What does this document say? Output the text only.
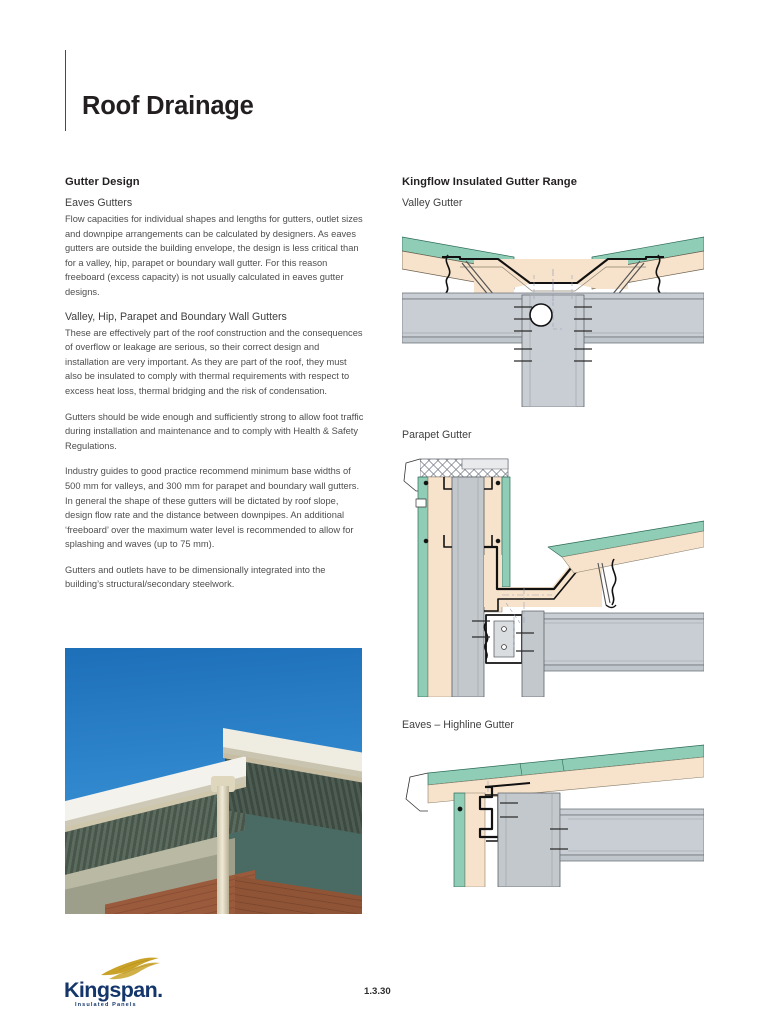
Roof Drainage
Gutter Design
Eaves Gutters

Flow capacities for individual shapes and lengths for gutters, outlet sizes and downpipe arrangements can be calculated by designers. As eaves gutters are outside the building envelope, the design is less critical than for a valley, hip, parapet or boundary wall gutter. For this reason freeboard (excess capacity) is not usually calculated in eaves gutter designs.

Valley, Hip, Parapet and Boundary Wall Gutters

These are effectively part of the roof construction and the consequences of overflow or leakage are serious, so their correct design and installation are very important. As they are part of the roof, they must also be insulated to comply with thermal requirements with respect to excess heat loss, thermal bridging and the risk of condensation.

Gutters should be wide enough and sufficiently strong to allow foot traffic during installation and maintenance and to comply with Health & Safety Regulations.

Industry guides to good practice recommend minimum base widths of 500 mm for valleys, and 300 mm for parapet and boundary wall gutters. In general the shape of these gutters will be dictated by roof slope, design flow rate and the distance between downpipes. An additional ‘freeboard’ over the maximum water level is recommended to allow for splashing and waves (up to 75 mm).

Gutters and outlets have to be dimensionally integrated into the building’s structural/secondary steelwork.

Kingflow Insulated Gutter Range

Valley Gutter

Parapet Gutter

Eaves – Highline Gutter

Kingspan.
Insulated Panels
1.3.30
